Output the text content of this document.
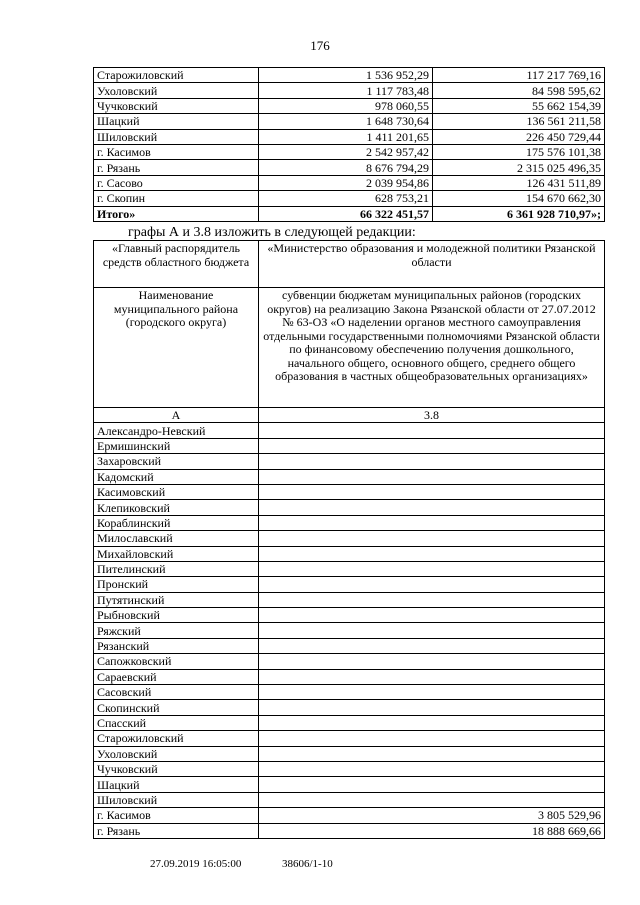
176
Старожиловский	1 536 952,29	117 217 769,16
Ухоловский	1 117 783,48	84 598 595,62
Чучковский	978 060,55	55 662 154,39
Шацкий	1 648 730,64	136 561 211,58
Шиловский	1 411 201,65	226 450 729,44
г. Касимов	2 542 957,42	175 576 101,38
г. Рязань	8 676 794,29	2 315 025 496,35
г. Сасово	2 039 954,86	126 431 511,89
г. Скопин	628 753,21	154 670 662,30
Итого»	66 322 451,57	6 361 928 710,97»;
графы А и 3.8 изложить в следующей редакции:
«Главный распорядитель средств областного бюджета	«Министерство образования и молодежной политики Рязанской области
Наименование муниципального района (городского округа)	субвенции бюджетам муниципальных районов (городских округов) на реализацию Закона Рязанской области от 27.07.2012 № 63-ОЗ «О наделении органов местного самоуправления отдельными государственными полномочиями Рязанской области по финансовому обеспечению получения дошкольного, начального общего, основного общего, среднего общего образования в частных общеобразовательных организациях»
А	3.8
Александро-Невский	
Ермишинский	
Захаровский	
Кадомский	
Касимовский	
Клепиковский	
Кораблинский	
Милославский	
Михайловский	
Пителинский	
Пронский	
Путятинский	
Рыбновский	
Ряжский	
Рязанский	
Сапожковский	
Сараевский	
Сасовский	
Скопинский	
Спасский	
Старожиловский	
Ухоловский	
Чучковский	
Шацкий	
Шиловский	
г. Касимов	3 805 529,96
г. Рязань	18 888 669,66
27.09.2019 16:05:00	38606/1-10
